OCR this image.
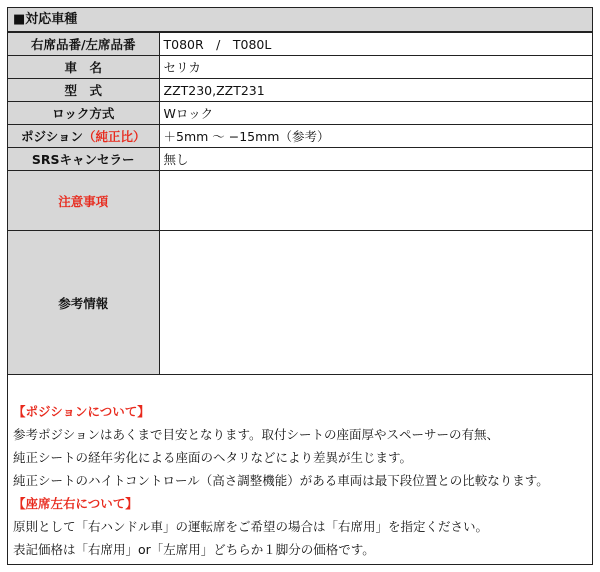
■対応車種
右席品番/左席品番	T080R　/　T080L
車　名	セリカ
型　式	ZZT230,ZZT231
ロック方式	Wロック
ポジション（純正比）	＋5mm 〜 −15mm（参考）
SRSキャンセラー	無し
注意事項	
参考情報	
【ポジションについて】
参考ポジションはあくまで目安となります。取付シートの座面厚やスペーサーの有無、
純正シートの経年劣化による座面のヘタリなどにより差異が生じます。
純正シートのハイトコントロール（高さ調整機能）がある車両は最下段位置との比較なります。
【座席左右について】
原則として「右ハンドル車」の運転席をご希望の場合は「右席用」を指定ください。
表記価格は「右席用」or「左席用」どちらか１脚分の価格です。
